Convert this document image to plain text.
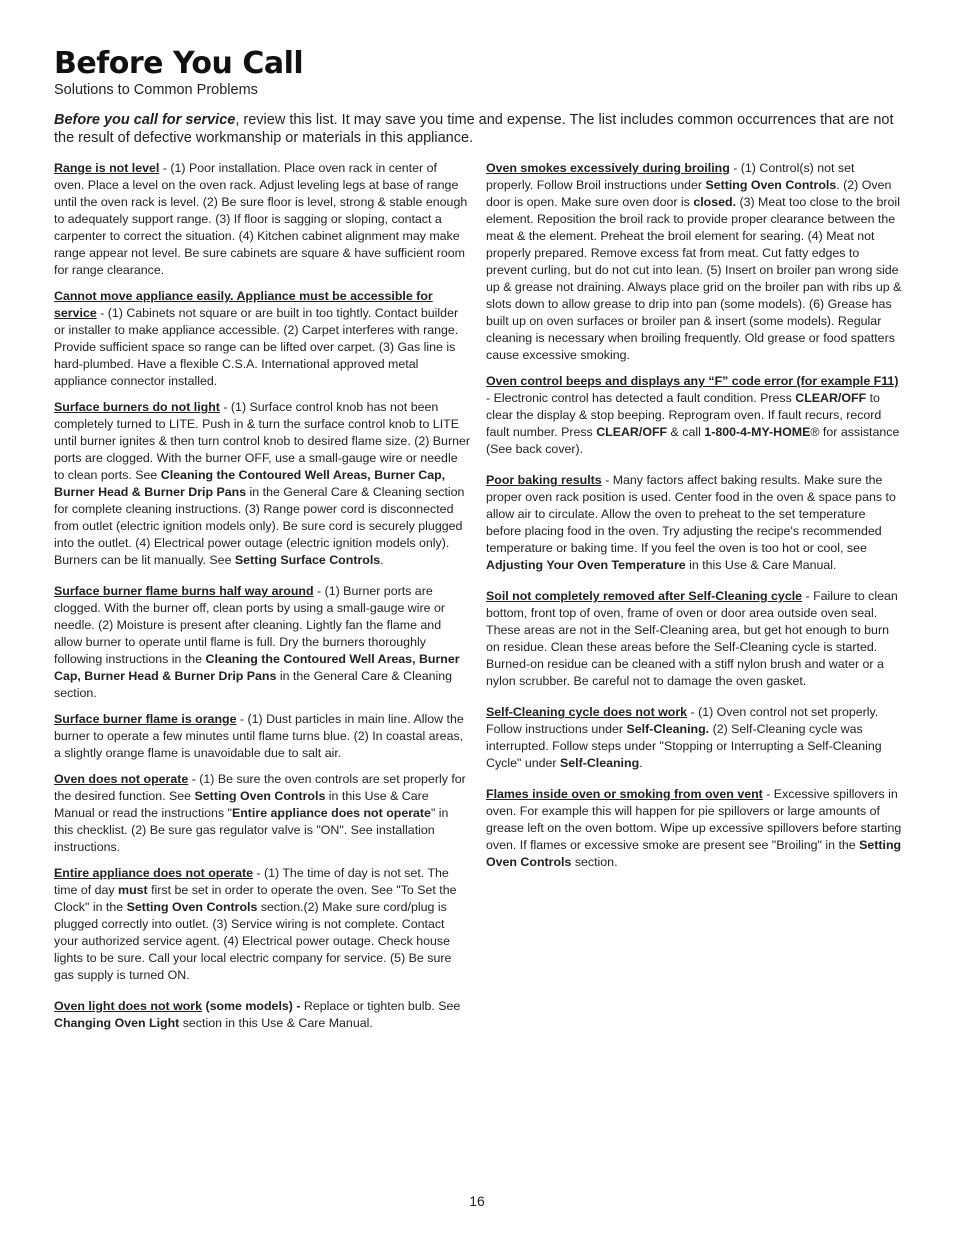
Before You Call
Solutions to Common Problems
Before you call for service, review this list. It may save you time and expense. The list includes common occurrences that are not the result of defective workmanship or materials in this appliance.

Range is not level - (1) Poor installation. Place oven rack in center of oven. Place a level on the oven rack. Adjust leveling legs at base of range until the oven rack is level. (2) Be sure floor is level, strong & stable enough to adequately support range. (3) If floor is sagging or sloping, contact a carpenter to correct the situation. (4) Kitchen cabinet alignment may make range appear not level. Be sure cabinets are square & have sufficient room for range clearance.

Cannot move appliance easily. Appliance must be accessible for service - (1) Cabinets not square or are built in too tightly. Contact builder or installer to make appliance accessible. (2) Carpet interferes with range. Provide sufficient space so range can be lifted over carpet. (3) Gas line is hard-plumbed. Have a flexible C.S.A. International approved metal appliance connector installed.

Surface burners do not light - (1) Surface control knob has not been completely turned to LITE. Push in & turn the surface control knob to LITE until burner ignites & then turn control knob to desired flame size. (2) Burner ports are clogged. With the burner OFF, use a small-gauge wire or needle to clean ports. See Cleaning the Contoured Well Areas, Burner Cap, Burner Head & Burner Drip Pans in the General Care & Cleaning section for complete cleaning instructions. (3) Range power cord is disconnected from outlet (electric ignition models only). Be sure cord is securely plugged into the outlet. (4) Electrical power outage (electric ignition models only). Burners can be lit manually. See Setting Surface Controls.

Surface burner flame burns half way around - (1) Burner ports are clogged. With the burner off, clean ports by using a small-gauge wire or needle. (2) Moisture is present after cleaning. Lightly fan the flame and allow burner to operate until flame is full. Dry the burners thoroughly following instructions in the Cleaning the Contoured Well Areas, Burner Cap, Burner Head & Burner Drip Pans in the General Care & Cleaning section.

Surface burner flame is orange - (1) Dust particles in main line. Allow the burner to operate a few minutes until flame turns blue. (2) In coastal areas, a slightly orange flame is unavoidable due to salt air.

Oven does not operate - (1) Be sure the oven controls are set properly for the desired function. See Setting Oven Controls in this Use & Care Manual or read the instructions "Entire appliance does not operate" in this checklist. (2) Be sure gas regulator valve is "ON". See installation instructions.

Entire appliance does not operate - (1) The time of day is not set. The time of day must first be set in order to operate the oven. See "To Set the Clock" in the Setting Oven Controls section.(2) Make sure cord/plug is plugged correctly into outlet. (3) Service wiring is not complete. Contact your authorized service agent. (4) Electrical power outage. Check house lights to be sure. Call your local electric company for service. (5) Be sure gas supply is turned ON.

Oven light does not work (some models) - Replace or tighten bulb. See Changing Oven Light section in this Use & Care Manual.

Oven smokes excessively during broiling - (1) Control(s) not set properly. Follow Broil instructions under Setting Oven Controls. (2) Oven door is open. Make sure oven door is closed. (3) Meat too close to the broil element. Reposition the broil rack to provide proper clearance between the meat & the element. Preheat the broil element for searing. (4) Meat not properly prepared. Remove excess fat from meat. Cut fatty edges to prevent curling, but do not cut into lean. (5) Insert on broiler pan wrong side up & grease not draining. Always place grid on the broiler pan with ribs up & slots down to allow grease to drip into pan (some models). (6) Grease has built up on oven surfaces or broiler pan & insert (some models). Regular cleaning is necessary when broiling frequently. Old grease or food spatters cause excessive smoking.

Oven control beeps and displays any “F” code error (for example F11) - Electronic control has detected a fault condition. Press CLEAR/OFF to clear the display & stop beeping. Reprogram oven. If fault recurs, record fault number. Press CLEAR/OFF & call 1-800-4-MY-HOME® for assistance (See back cover).

Poor baking results - Many factors affect baking results. Make sure the proper oven rack position is used. Center food in the oven & space pans to allow air to circulate. Allow the oven to preheat to the set temperature before placing food in the oven. Try adjusting the recipe's recommended temperature or baking time. If you feel the oven is too hot or cool, see Adjusting Your Oven Temperature in this Use & Care Manual.

Soil not completely removed after Self-Cleaning cycle - Failure to clean bottom, front top of oven, frame of oven or door area outside oven seal. These areas are not in the Self-Cleaning area, but get hot enough to burn on residue. Clean these areas before the Self-Cleaning cycle is started. Burned-on residue can be cleaned with a stiff nylon brush and water or a nylon scrubber. Be careful not to damage the oven gasket.

Self-Cleaning cycle does not work - (1) Oven control not set properly. Follow instructions under Self-Cleaning. (2) Self-Cleaning cycle was interrupted. Follow steps under "Stopping or Interrupting a Self-Cleaning Cycle" under Self-Cleaning.

Flames inside oven or smoking from oven vent - Excessive spillovers in oven. For example this will happen for pie spillovers or large amounts of grease left on the oven bottom. Wipe up excessive spillovers before starting oven. If flames or excessive smoke are present see "Broiling" in the Setting Oven Controls section.

16
